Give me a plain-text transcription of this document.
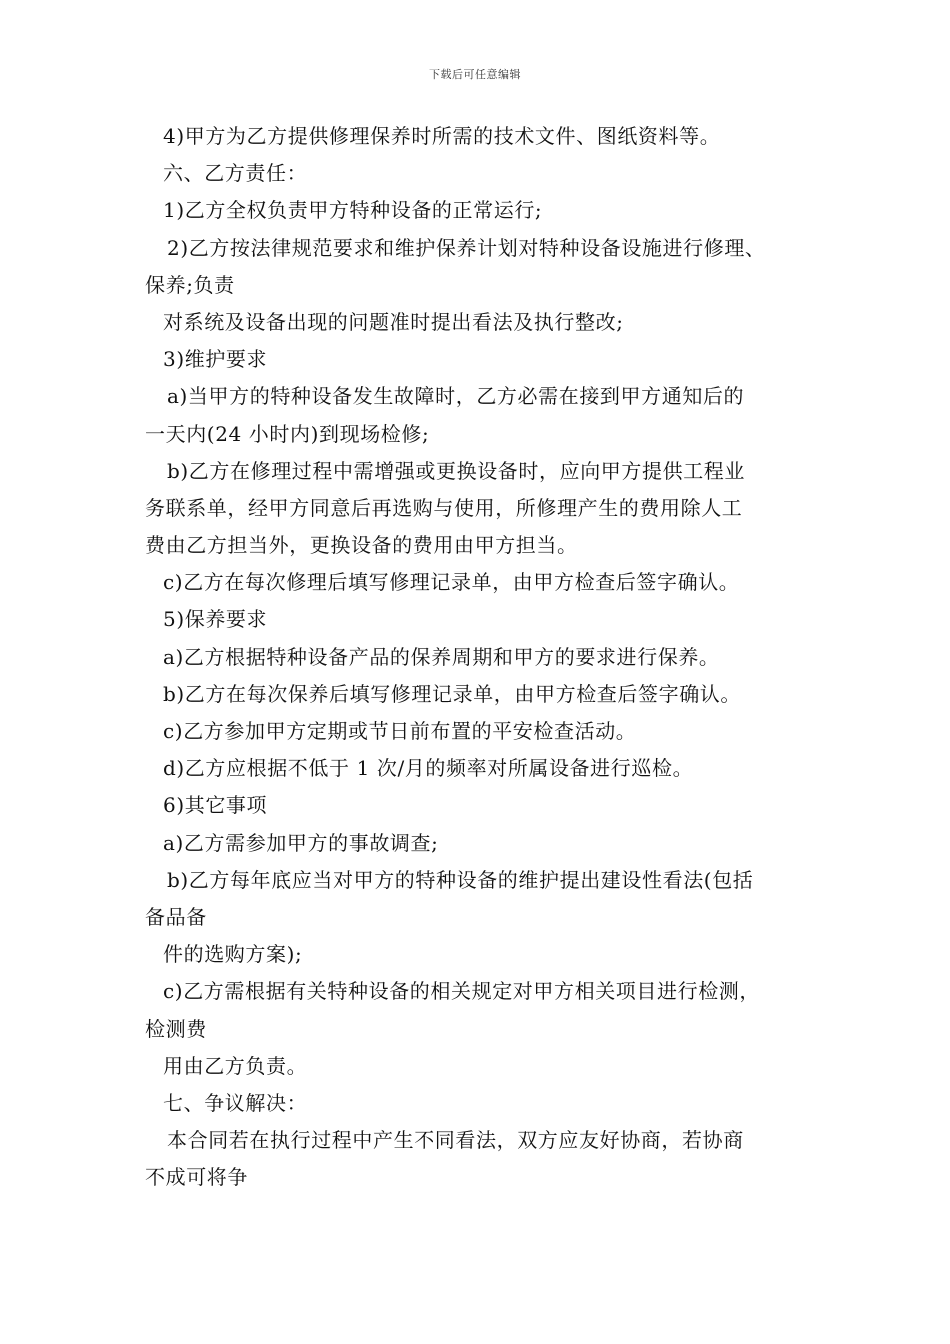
下载后可任意编辑
4)甲方为乙方提供修理保养时所需的技术文件、图纸资料等。
六、乙方责任：
1)乙方全权负责甲方特种设备的正常运行;
2)乙方按法律规范要求和维护保养计划对特种设备设施进行修理、
保养;负责
对系统及设备出现的问题准时提出看法及执行整改;
3)维护要求
a)当甲方的特种设备发生故障时，乙方必需在接到甲方通知后的
一天内(24 小时内)到现场检修;
b)乙方在修理过程中需增强或更换设备时，应向甲方提供工程业
务联系单，经甲方同意后再选购与使用，所修理产生的费用除人工
费由乙方担当外，更换设备的费用由甲方担当。
c)乙方在每次修理后填写修理记录单，由甲方检查后签字确认。
5)保养要求
a)乙方根据特种设备产品的保养周期和甲方的要求进行保养。
b)乙方在每次保养后填写修理记录单，由甲方检查后签字确认。
c)乙方参加甲方定期或节日前布置的平安检查活动。
d)乙方应根据不低于 1 次/月的频率对所属设备进行巡检。
6)其它事项
a)乙方需参加甲方的事故调查;
b)乙方每年底应当对甲方的特种设备的维护提出建设性看法(包括
备品备
件的选购方案);
c)乙方需根据有关特种设备的相关规定对甲方相关项目进行检测，
检测费
用由乙方负责。
七、争议解决：
本合同若在执行过程中产生不同看法，双方应友好协商，若协商
不成可将争
